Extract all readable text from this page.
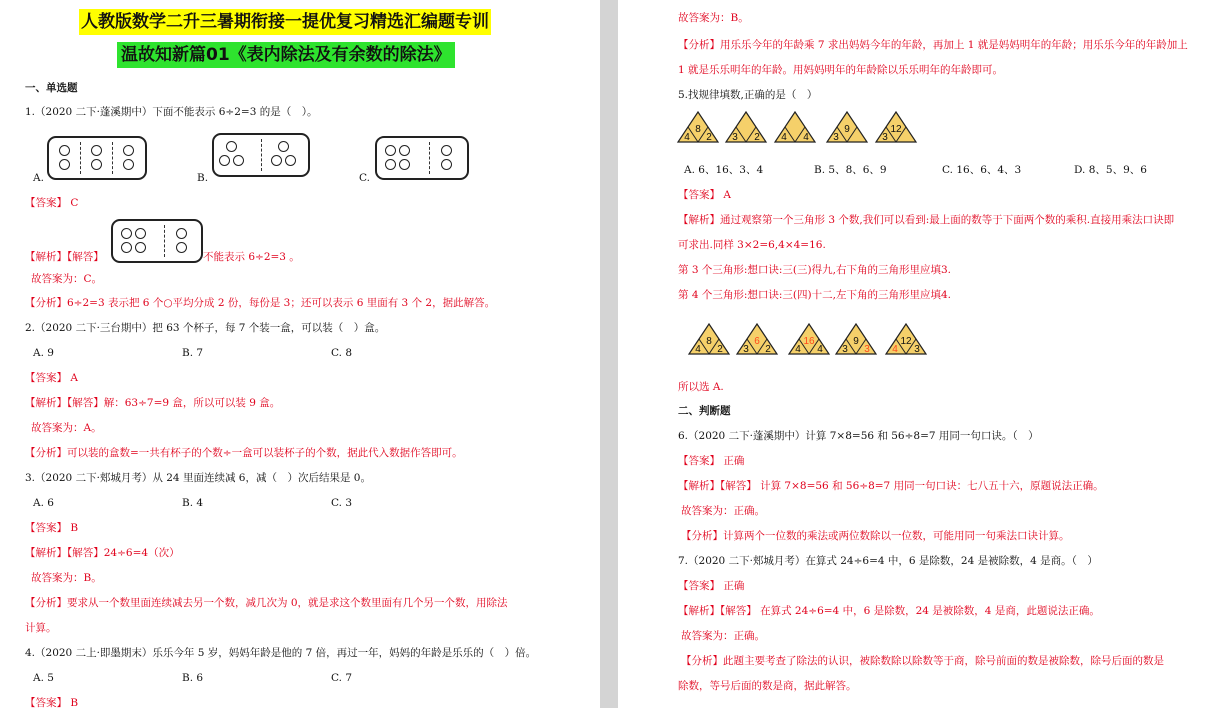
人教版数学二升三暑期衔接一提优复习精选汇编题专训
温故知新篇01《表内除法及有余数的除法》
一、单选题
1.（2020 二下·蓬溪期中）下面不能表示 6÷2=3 的是（　）。
A.	B.	C.
【答案】 C
【解析】【解答】	不能表示 6÷2=3 。
故答案为：C。
【分析】6÷2=3 表示把 6 个○平均分成 2 份，每份是 3；还可以表示 6 里面有 3 个 2，据此解答。
2.（2020 二下·三台期中）把 63 个杯子，每 7 个装一盒，可以装（　）盒。
A. 9	B. 7	C. 8
【答案】 A
【解析】【解答】解：63÷7=9 盒，所以可以装 9 盒。
故答案为：A。
【分析】可以装的盒数=一共有杯子的个数÷一盒可以装杯子的个数，据此代入数据作答即可。
3.（2020 二下·郏城月考）从 24 里面连续减 6，减（　）次后结果是 0。
A. 6	B. 4	C. 3
【答案】 B
【解析】【解答】24÷6=4（次）
故答案为：B。
【分析】要求从一个数里面连续减去另一个数，减几次为 0，就是求这个数里面有几个另一个数，用除法
计算。
4.（2020 二上·即墨期末）乐乐今年 5 岁，妈妈年龄是他的 7 倍，再过一年，妈妈的年龄是乐乐的（　）倍。
A. 5	B. 6	C. 7
【答案】 B
故答案为：B。
【分析】用乐乐今年的年龄乘 7 求出妈妈今年的年龄，再加上 1 就是妈妈明年的年龄；用乐乐今年的年龄加上
1 就是乐乐明年的年龄。用妈妈明年的年龄除以乐乐明年的年龄即可。
5.找规律填数,正确的是（　）
8
4 2 3 2 4 4
9
3
12
3
A. 6、16、3、4	B. 5、8、6、9	C. 16、6、4、3	D. 8、5、9、6
【答案】 A
【解析】通过观察第一个三角形 3 个数,我们可以看到:最上面的数等于下面两个数的乘积.直接用乘法口诀即
可求出.同样 3×2=6,4×4=16.
第 3 个三角形:想口诀:三(三)得九,右下角的三角形里应填3.
第 4 个三角形:想口诀:三(四)十二,左下角的三角形里应填4.
8
4 2
6
3 2
16
4 4
9
3 3
12
4 3
所以选 A.
二、判断题
6.（2020 二下·蓬溪期中）计算 7×8=56 和 56÷8=7 用同一句口诀。（　）
【答案】 正确
【解析】【解答】 计算 7×8=56 和 56÷8=7 用同一句口诀：七八五十六，原题说法正确。
故答案为：正确。
【分析】计算两个一位数的乘法或两位数除以一位数，可能用同一句乘法口诀计算。
7.（2020 二下·郏城月考）在算式 24÷6=4 中，6 是除数，24 是被除数，4 是商。（　）
【答案】 正确
【解析】【解答】 在算式 24÷6=4 中，6 是除数，24 是被除数，4 是商，此题说法正确。
故答案为：正确。
【分析】此题主要考查了除法的认识，被除数除以除数等于商，除号前面的数是被除数，除号后面的数是
除数，等号后面的数是商，据此解答。
